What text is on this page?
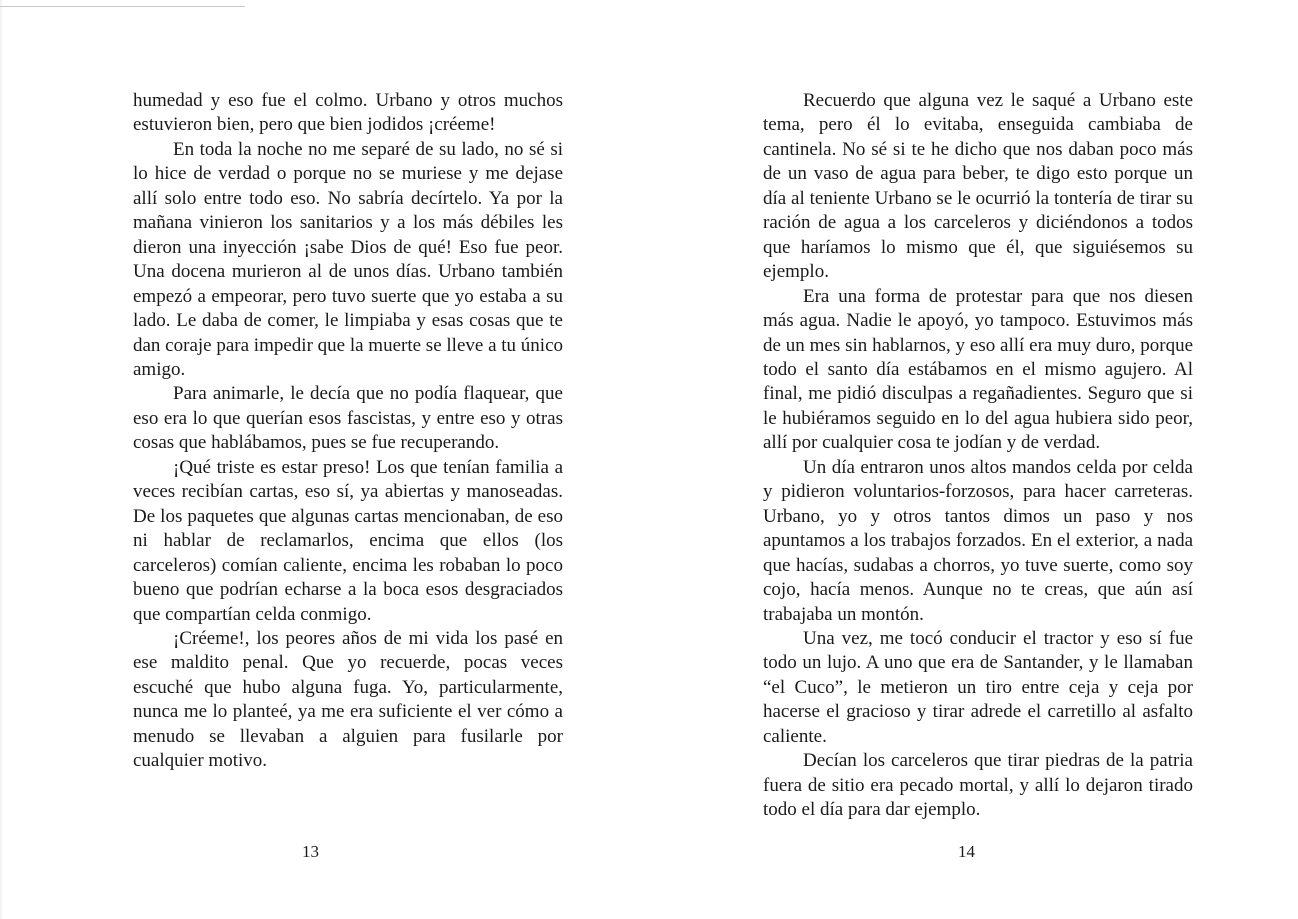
humedad y eso fue el colmo. Urbano y otros muchos estuvieron bien, pero que bien jodidos ¡créeme!

En toda la noche no me separé de su lado, no sé si lo hice de verdad o porque no se muriese y me dejase allí solo entre todo eso. No sabría decírtelo. Ya por la mañana vinieron los sanitarios y a los más débiles les dieron una inyección ¡sabe Dios de qué! Eso fue peor. Una docena murieron al de unos días. Urbano también empezó a empeorar, pero tuvo suerte que yo estaba a su lado. Le daba de comer, le limpiaba y esas cosas que te dan coraje para impedir que la muerte se lleve a tu único amigo.

Para animarle, le decía que no podía flaquear, que eso era lo que querían esos fascistas, y entre eso y otras cosas que hablábamos, pues se fue recuperando.

¡Qué triste es estar preso! Los que tenían familia a veces recibían cartas, eso sí, ya abiertas y manoseadas. De los paquetes que algunas cartas mencionaban, de eso ni hablar de reclamarlos, encima que ellos (los carceleros) comían caliente, encima les robaban lo poco bueno que podrían echarse a la boca esos desgraciados que compartían celda conmigo.

¡Créeme!, los peores años de mi vida los pasé en ese maldito penal. Que yo recuerde, pocas veces escuché que hubo alguna fuga. Yo, particularmente, nunca me lo planteé, ya me era suficiente el ver cómo a menudo se llevaban a alguien para fusilarle por cualquier motivo.

13

Recuerdo que alguna vez le saqué a Urbano este tema, pero él lo evitaba, enseguida cambiaba de cantinela. No sé si te he dicho que nos daban poco más de un vaso de agua para beber, te digo esto porque un día al teniente Urbano se le ocurrió la tontería de tirar su ración de agua a los carceleros y diciéndonos a todos que haríamos lo mismo que él, que siguiésemos su ejemplo.

Era una forma de protestar para que nos diesen más agua. Nadie le apoyó, yo tampoco. Estuvimos más de un mes sin hablarnos, y eso allí era muy duro, porque todo el santo día estábamos en el mismo agujero. Al final, me pidió disculpas a regañadientes. Seguro que si le hubiéramos seguido en lo del agua hubiera sido peor, allí por cualquier cosa te jodían y de verdad.

Un día entraron unos altos mandos celda por celda y pidieron voluntarios-forzosos, para hacer carreteras. Urbano, yo y otros tantos dimos un paso y nos apuntamos a los trabajos forzados. En el exterior, a nada que hacías, sudabas a chorros, yo tuve suerte, como soy cojo, hacía menos. Aunque no te creas, que aún así trabajaba un montón.

Una vez, me tocó conducir el tractor y eso sí fue todo un lujo. A uno que era de Santander, y le llamaban “el Cuco”, le metieron un tiro entre ceja y ceja por hacerse el gracioso y tirar adrede el carretillo al asfalto caliente.

Decían los carceleros que tirar piedras de la patria fuera de sitio era pecado mortal, y allí lo dejaron tirado todo el día para dar ejemplo.

14
